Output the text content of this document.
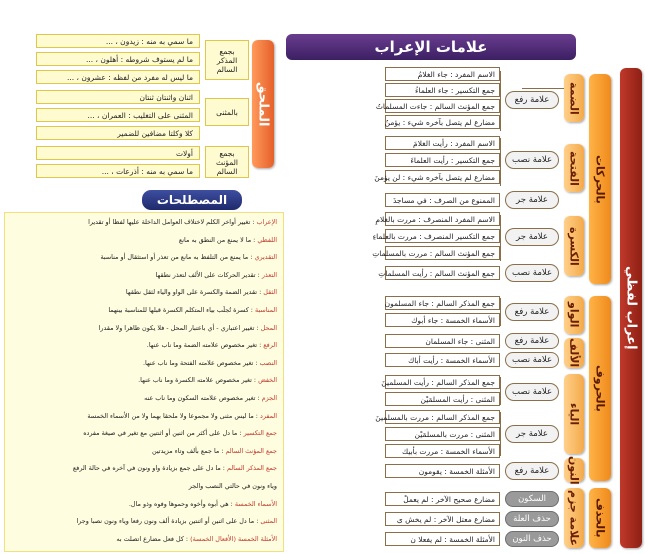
علامات الإعراب
إعراب لفظي
بالحركات
بالحروف
بالحذف
الضمة
الفتحة
الكسرة
الواو
الألف
الياء
النون
علامة جزم
علامة رفع
الاسم المفرد : جاء الغلامُ
جمع التكسير : جاء العلماءُ
جمع المؤنث السالم : جاءت المسلماتُ
مضارع لم يتصل بآخره شيء : يؤمنُ
علامة نصب
الاسم المفرد : رأيت الغلامَ
جمع التكسير : رأيت العلماءَ
مضارع لم يتصل بآخره شيء : لن يؤمنَ
علامة جر
الممنوع من الصرف : في مساجدَ
علامة جر
الاسم المفرد المنصرف : مررت بالغلامِ
جمع التكسير المنصرف : مررت بالعلماءِ
جمع المؤنث السالم : مررت بالمسلماتِ
علامة نصب
جمع المؤنث السالم : رأيت المسلماتِ
علامة رفع
جمع المذكر السالم : جاء المسلمون
الأسماء الخمسة : جاء أبوك
علامة رفع
المثنى : جاء المسلمان
علامة نصب
الأسماء الخمسة : رأيت أباك
علامة نصب
جمع المذكر السالم : رأيت المسلمينَ
المثنى : رأيت المسلمَيْن
علامة جر
جمع المذكر السالم : مررت بالمسلمينَ
المثنى : مررت بالمسلمَيْن
الأسماء الخمسة : مررت بأبيك
علامة رفع
الأمثلة الخمسة : يقومون
السكون
مضارع صحيح الآخر : لم يعملْ
حذف العلة
مضارع معتل الآخر : لم يخش ى
حذف النون
الأمثلة الخمسة : لم يفعلا ن
الملحق
بجمع المذكر السالم
ما سمي به منه : زيدون ، ...
ما لم يستوف شروطه : أهلون ، ...
ما ليس له مفرد من لفظه : عشرون ، ...
بالمثنى
اثنان واثنتان ثنتان
المثنى على التغليب : العمران ، ...
كلا وكلتا مضافين للضمير
بجمع المؤنث السالم
أولات
ما سمي به منه : أذرعات ، ...
المصطلحات
الإعراب : تغيير أواخر الكلم لاختلاف العوامل الداخلة عليها لفظا أو تقديرا
اللفظي : ما لا يمنع من النطق به مانع
التقديري : ما يمنع من التلفظ به مانع من تعذر أو استثقال أو مناسبة
التعذر : تقدير الحركات على الألف لتعذر نطقها
الثقل : تقدير الضمة والكسرة على الواو والياء لثقل نطقها
المناسبة : كسرة تُجلَب بياء المتكلم الكسرة قبلها للمناسبة بينهما
المحل : تغيير اعتباري - أي باعتبار المحل - فلا يكون ظاهرا ولا مقدرا
الرفع : تغير مخصوص علامته الضمة وما ناب عنها.
النصب : تغير مخصوص علامته الفتحة وما ناب عنها.
الخفض : تغير مخصوص علامته الكسرة وما ناب عنها.
الجزم : تغير مخصوص علامته السكون وما ناب عنه
المفرد : ما ليس مثنى ولا مجموعا ولا ملحقا بهما ولا من الأسماء الخمسة
جمع التكسير : ما دل على أكثر من اثنين أو اثنتين مع تغير في صيغة مفرده
جمع المؤنث السالم : ما جمع بألف وتاء مزيدتين
جمع المذكر السالم : ما دل على جمع بزيادة واو ونون في آخره في حالة الرفع
وياء ونون في حالتي النصب والجر
الأسماء الخمسة : هي أبوه وأخوه وحموها وفوه وذو مال.
المثنى : ما دل على اثنين أو اثنتين بزيادة ألف ونون رفعا وياء ونون نصبا وجرا
الأمثلة الخمسة (الأفعال الخمسة) : كل فعل مضارع اتصلت به
